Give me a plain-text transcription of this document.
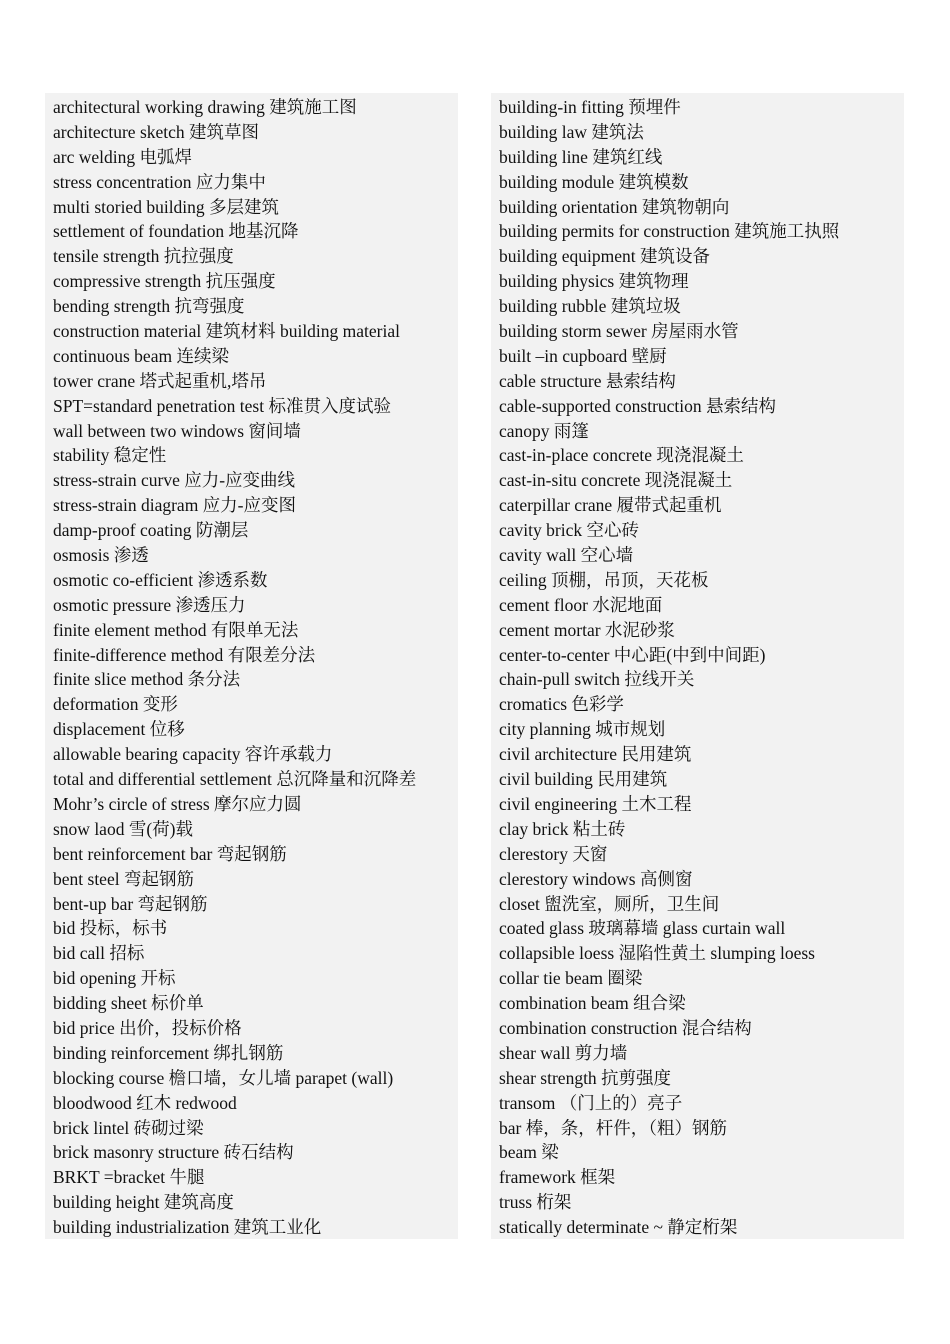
architectural working drawing 建筑施工图
architecture sketch 建筑草图
arc welding 电弧焊
stress concentration 应力集中
multi storied building 多层建筑
settlement of foundation 地基沉降
tensile strength 抗拉强度
compressive strength 抗压强度
bending strength 抗弯强度
construction material 建筑材料 building material
continuous beam 连续梁
tower crane 塔式起重机,塔吊
SPT=standard penetration test 标准贯入度试验
wall between two windows 窗间墙
stability 稳定性
stress-strain curve 应力-应变曲线
stress-strain diagram 应力-应变图
damp-proof coating 防潮层
osmosis 渗透
osmotic co-efficient 渗透系数
osmotic pressure 渗透压力
finite element method 有限单无法
finite-difference method 有限差分法
finite slice method 条分法
deformation 变形
displacement 位移
allowable bearing capacity 容许承载力
total and differential settlement 总沉降量和沉降差
Mohr’s circle of stress 摩尔应力圆
snow laod 雪(荷)载
bent reinforcement bar 弯起钢筋
bent steel 弯起钢筋
bent-up bar 弯起钢筋
bid 投标，标书
bid call 招标
bid opening 开标
bidding sheet 标价单
bid price 出价，投标价格
binding reinforcement 绑扎钢筋
blocking course 檐口墙，女儿墙 parapet (wall)
bloodwood 红木 redwood
brick lintel 砖砌过梁
brick masonry structure 砖石结构
BRKT =bracket 牛腿
building height 建筑高度
building industrialization 建筑工业化
building-in fitting 预埋件
building law 建筑法
building line 建筑红线
building module 建筑模数
building orientation 建筑物朝向
building permits for construction 建筑施工执照
building equipment 建筑设备
building physics 建筑物理
building rubble 建筑垃圾
building storm sewer 房屋雨水管
built –in cupboard 壁厨
cable structure 悬索结构
cable-supported construction 悬索结构
canopy 雨篷
cast-in-place concrete 现浇混凝土
cast-in-situ concrete 现浇混凝土
caterpillar crane 履带式起重机
cavity brick 空心砖
cavity wall 空心墙
ceiling 顶棚，吊顶，天花板
cement floor 水泥地面
cement mortar 水泥砂浆
center-to-center 中心距(中到中间距)
chain-pull switch 拉线开关
cromatics 色彩学
city planning 城市规划
civil architecture 民用建筑
civil building 民用建筑
civil engineering 土木工程
clay brick 粘土砖
clerestory 天窗
clerestory windows 高侧窗
closet 盥洗室，厕所，卫生间
coated glass 玻璃幕墙 glass curtain wall
collapsible loess 湿陷性黄土 slumping loess
collar tie beam 圈梁
combination beam 组合梁
combination construction 混合结构
shear wall 剪力墙
shear strength 抗剪强度
transom （门上的）亮子
bar 棒，条，杆件，（粗）钢筋
beam 梁
framework 框架
truss 桁架
statically determinate ~ 静定桁架
